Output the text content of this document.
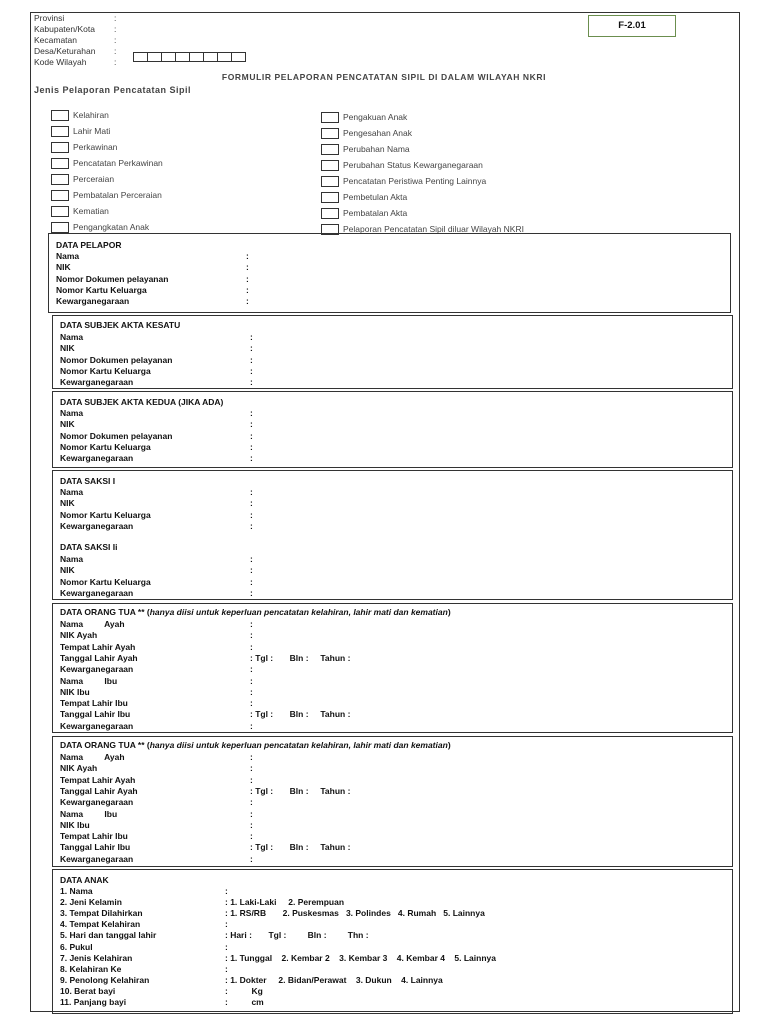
Provinsi	:
Kabupaten/Kota	:
Kecamatan	:
Desa/Keturahan	:
Kode Wilayah	:
F-2.01
FORMULIR PELAPORAN PENCATATAN SIPIL DI DALAM WILAYAH NKRI
Jenis Pelaporan Pencatatan Sipil
Kelahiran
Lahir Mati
Perkawinan
Pencatatan Perkawinan
Perceraian
Pembatalan Perceraian
Kematian
Pengangkatan Anak
Pengakuan Anak
Pengesahan Anak
Perubahan Nama
Perubahan Status Kewarganegaraan
Pencatatan Peristiwa Penting Lainnya
Pembetulan Akta
Pembatalan Akta
Pelaporan Pencatatan Sipil diluar Wilayah NKRI
DATA PELAPOR
Nama	:
NIK	:
Nomor Dokumen pelayanan	:
Nomor Kartu Keluarga	:
Kewarganegaraan	:
DATA SUBJEK AKTA KESATU
Nama	:
NIK	:
Nomor Dokumen pelayanan	:
Nomor Kartu Keluarga	:
Kewarganegaraan	:
DATA SUBJEK AKTA KEDUA (JIKA ADA)
Nama	:
NIK	:
Nomor Dokumen pelayanan	:
Nomor Kartu Keluarga	:
Kewarganegaraan	:
DATA SAKSI I
Nama	:
NIK	:
Nomor Kartu Keluarga	:
Kewarganegaraan	:
DATA SAKSI Ii
Nama	:
NIK	:
Nomor Kartu Keluarga	:
Kewarganegaraan	:
DATA ORANG TUA ** (hanya diisi untuk keperluan pencatatan kelahiran, lahir mati dan kematian)
Nama         Ayah	:
NIK Ayah	:
Tempat Lahir Ayah	:
Tanggal Lahir Ayah	: Tgl :       Bln :     Tahun :
Kewarganegaraan	:
Nama         Ibu	:
NIK Ibu	:
Tempat Lahir Ibu	:
Tanggal Lahir Ibu	: Tgl :       Bln :     Tahun :
Kewarganegaraan	:
DATA ORANG TUA ** (hanya diisi untuk keperluan pencatatan kelahiran, lahir mati dan kematian)
Nama         Ayah	:
NIK Ayah	:
Tempat Lahir Ayah	:
Tanggal Lahir Ayah	: Tgl :       Bln :     Tahun :
Kewarganegaraan	:
Nama         Ibu	:
NIK Ibu	:
Tempat Lahir Ibu	:
Tanggal Lahir Ibu	: Tgl :       Bln :     Tahun :
Kewarganegaraan	:
DATA ANAK
1. Nama	:
2. Jeni Kelamin	: 1. Laki-Laki     2. Perempuan
3. Tempat Dilahirkan	: 1. RS/RB       2. Puskesmas   3. Polindes   4. Rumah   5. Lainnya
4. Tempat Kelahiran	:
5. Hari dan tanggal lahir	: Hari :       Tgl :         Bln :         Thn :
6. Pukul	:
7. Jenis Kelahiran	: 1. Tunggal    2. Kembar 2    3. Kembar 3    4. Kembar 4    5. Lainnya
8. Kelahiran Ke	:
9. Penolong Kelahiran	: 1. Dokter     2. Bidan/Perawat    3. Dukun    4. Lainnya
10. Berat bayi	:          Kg
11. Panjang bayi	:          cm
